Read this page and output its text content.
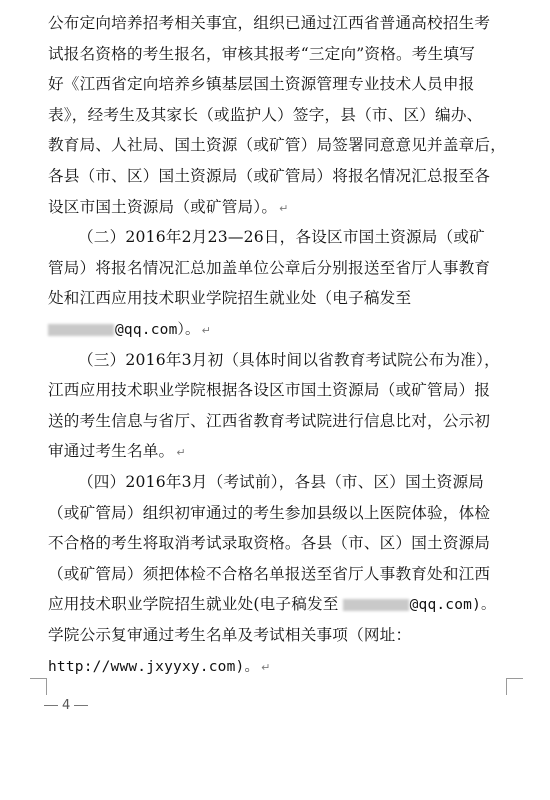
公布定向培养招考相关事宜，组织已通过江西省普通高校招生考
试报名资格的考生报名，审核其报考“三定向”资格。考生填写
好《江西省定向培养乡镇基层国土资源管理专业技术人员申报
表》，经考生及其家长（或监护人）签字，县（市、区）编办、
教育局、人社局、国土资源（或矿管）局签署同意意见并盖章后，
各县（市、区）国土资源局（或矿管局）将报名情况汇总报至各
设区市国土资源局（或矿管局）。 ↵
（二）2016年2月23—26日，各设区市国土资源局（或矿
管局）将报名情况汇总加盖单位公章后分别报送至省厅人事教育
处和江西应用技术职业学院招生就业处（电子稿发至
@qq.com）。 ↵
（三）2016年3月初（具体时间以省教育考试院公布为准），
江西应用技术职业学院根据各设区市国土资源局（或矿管局）报
送的考生信息与省厅、江西省教育考试院进行信息比对，公示初
审通过考生名单。 ↵
（四）2016年3月（考试前），各县（市、区）国土资源局
（或矿管局）组织初审通过的考生参加县级以上医院体验，体检
不合格的考生将取消考试录取资格。各县（市、区）国土资源局
（或矿管局）须把体检不合格名单报送至省厅人事教育处和江西
应用技术职业学院招生就业处(电子稿发至	@qq.com)。
学院公示复审通过考生名单及考试相关事项（网址：
http://www.jxyyxy.com)。 ↵
4
